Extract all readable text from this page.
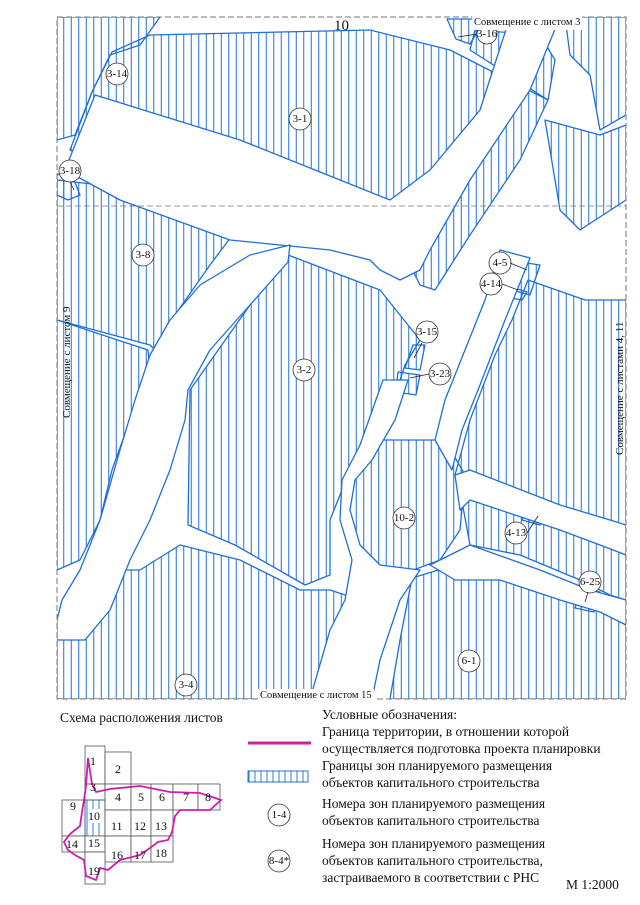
10	Совмещение с листом 3
Совмещение с листом 15
Совмещение с листом 9	Совмещение с листами 4, 11
3-16
3-14
3-1
3-18
3-8
4-5
4-14
3-15
3-2	3-23
10-2
4-13
6-25
6-1
3-4
Схема расположения листов
1
2
3
4 5 6 7 8
9
10
11 12 13
14 15
16 17 18
19
Условные обозначения:
Граница территории, в отношении которой
осуществляется подготовка проекта планировки
Границы зон планируемого размещения
объектов капитального строительства
1-4
Номера зон планируемого размещения
объектов капитального строительства
8-4*
Номера зон планируемого размещения
объектов капитального строительства,
застраиваемого в соответствии с РНС М 1:2000
